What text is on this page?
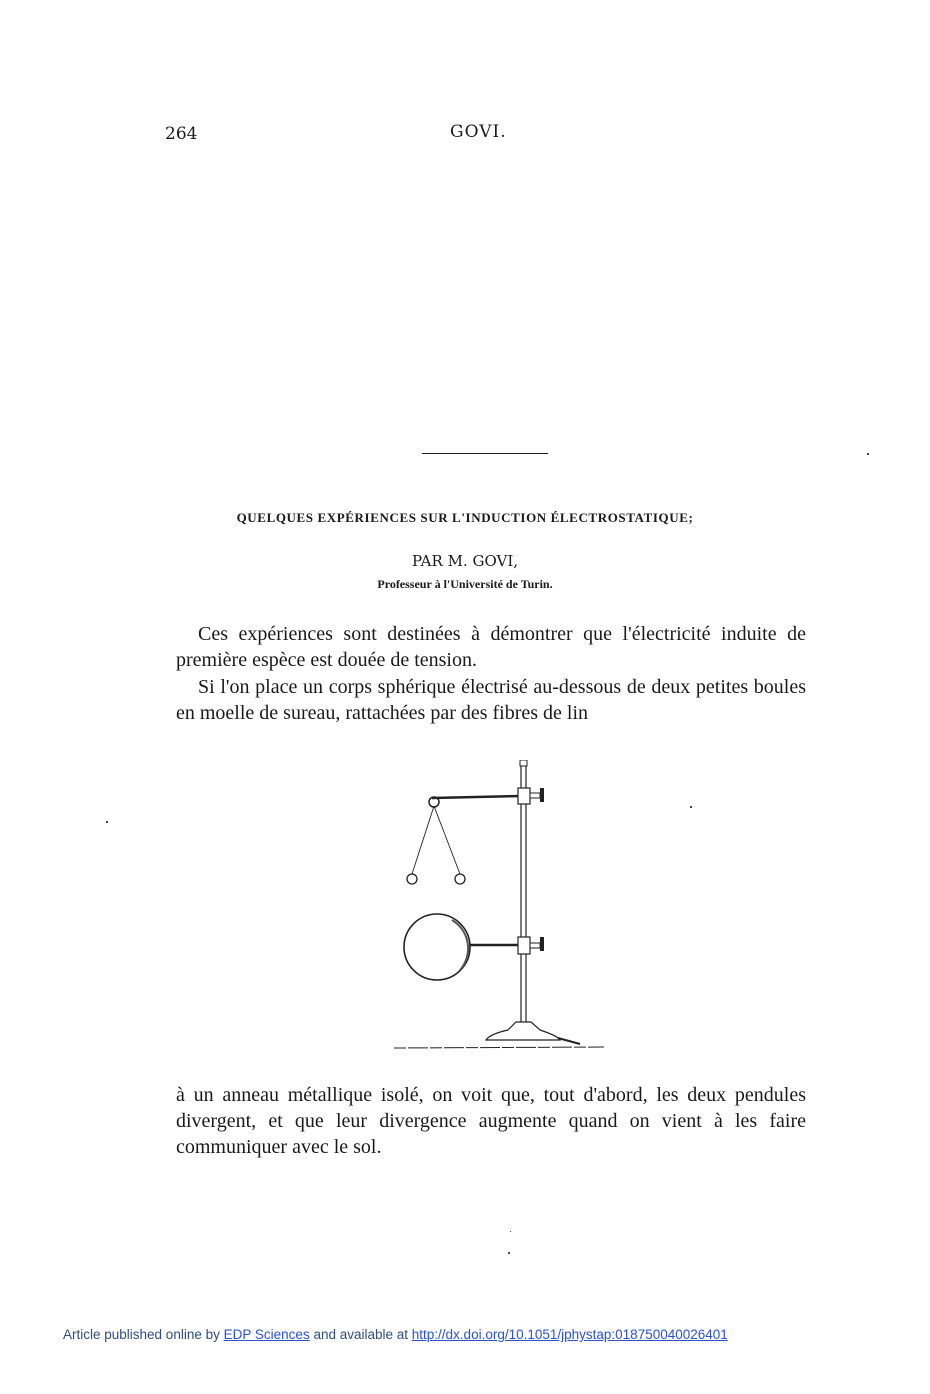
264	GOVI.
QUELQUES EXPÉRIENCES SUR L'INDUCTION ÉLECTROSTATIQUE;
PAR M. GOVI,
Professeur à l'Université de Turin.
Ces expériences sont destinées à démontrer que l'électricité induite de première espèce est douée de tension.
Si l'on place un corps sphérique électrisé au-dessous de deux petites boules en moelle de sureau, rattachées par des fibres de lin
à un anneau métallique isolé, on voit que, tout d'abord, les deux pendules divergent, et que leur divergence augmente quand on vient à les faire communiquer avec le sol.
Article published online by EDP Sciences and available at http://dx.doi.org/10.1051/jphystap:018750040026401
